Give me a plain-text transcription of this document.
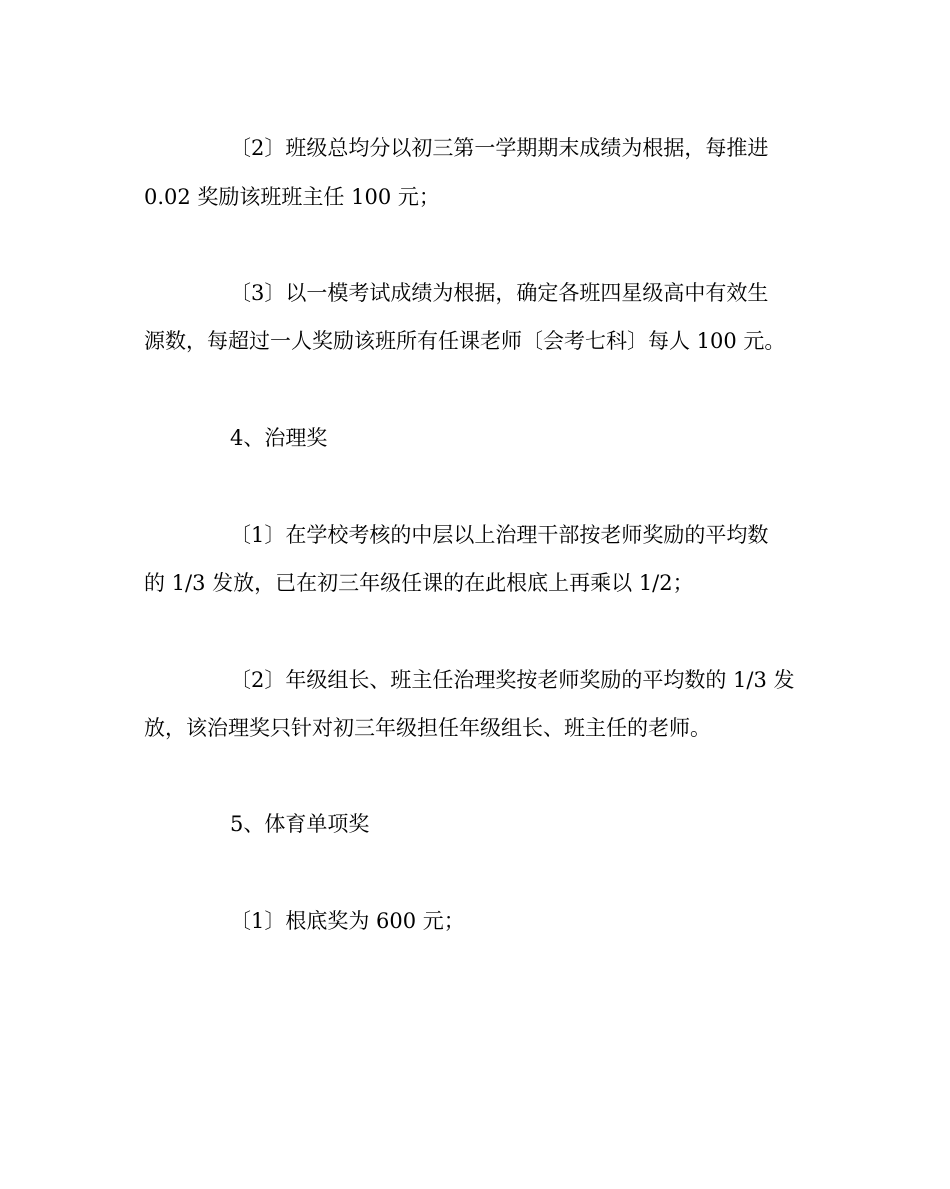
〔2〕班级总均分以初三第一学期期末成绩为根据，每推进

0.02 奖励该班班主任 100 元；

〔3〕以一模考试成绩为根据，确定各班四星级高中有效生

源数，每超过一人奖励该班所有任课老师〔会考七科〕每人 100 元。

4、治理奖

〔1〕在学校考核的中层以上治理干部按老师奖励的平均数

的 1/3 发放，已在初三年级任课的在此根底上再乘以 1/2；

〔2〕年级组长、班主任治理奖按老师奖励的平均数的 1/3 发

放，该治理奖只针对初三年级担任年级组长、班主任的老师。

5、体育单项奖

〔1〕根底奖为 600 元；
